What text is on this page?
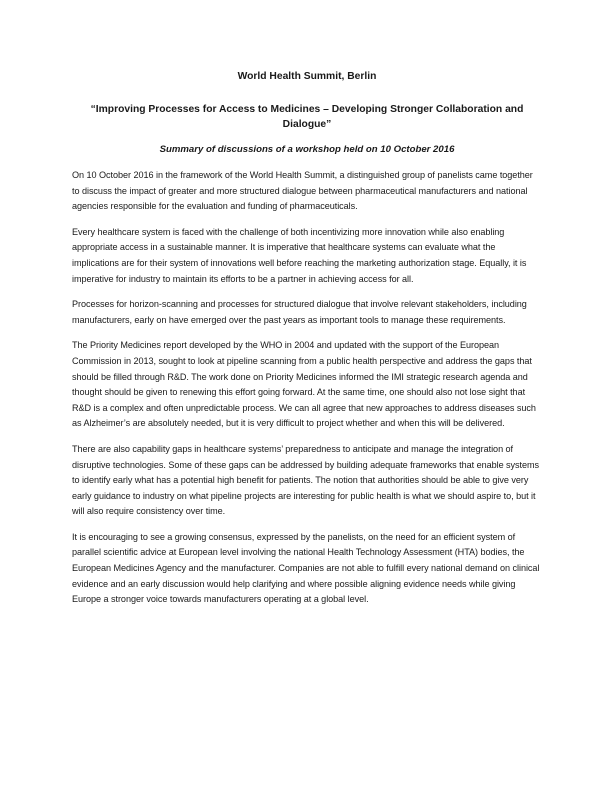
World Health Summit, Berlin
“Improving Processes for Access to Medicines – Developing Stronger Collaboration and Dialogue”
Summary of discussions of a workshop held on 10 October 2016

On 10 October 2016 in the framework of the World Health Summit, a distinguished group of panelists came together to discuss the impact of greater and more structured dialogue between pharmaceutical manufacturers and national agencies responsible for the evaluation and funding of pharmaceuticals.

Every healthcare system is faced with the challenge of both incentivizing more innovation while also enabling appropriate access in a sustainable manner. It is imperative that healthcare systems can evaluate what the implications are for their system of innovations well before reaching the marketing authorization stage. Equally, it is imperative for industry to maintain its efforts to be a partner in achieving access for all.

Processes for horizon-scanning and processes for structured dialogue that involve relevant stakeholders, including manufacturers, early on have emerged over the past years as important tools to manage these requirements.

The Priority Medicines report developed by the WHO in 2004 and updated with the support of the European Commission in 2013, sought to look at pipeline scanning from a public health perspective and address the gaps that should be filled through R&D. The work done on Priority Medicines informed the IMI strategic research agenda and thought should be given to renewing this effort going forward. At the same time, one should also not lose sight that R&D is a complex and often unpredictable process. We can all agree that new approaches to address diseases such as Alzheimer’s are absolutely needed, but it is very difficult to project whether and when this will be delivered.

There are also capability gaps in healthcare systems’ preparedness to anticipate and manage the integration of disruptive technologies. Some of these gaps can be addressed by building adequate frameworks that enable systems to identify early what has a potential high benefit for patients. The notion that authorities should be able to give very early guidance to industry on what pipeline projects are interesting for public health is what we should aspire to, but it will also require consistency over time.

It is encouraging to see a growing consensus, expressed by the panelists, on the need for an efficient system of parallel scientific advice at European level involving the national Health Technology Assessment (HTA) bodies, the European Medicines Agency and the manufacturer. Companies are not able to fulfill every national demand on clinical evidence and an early discussion would help clarifying and where possible aligning evidence needs while giving Europe a stronger voice towards manufacturers operating at a global level.
